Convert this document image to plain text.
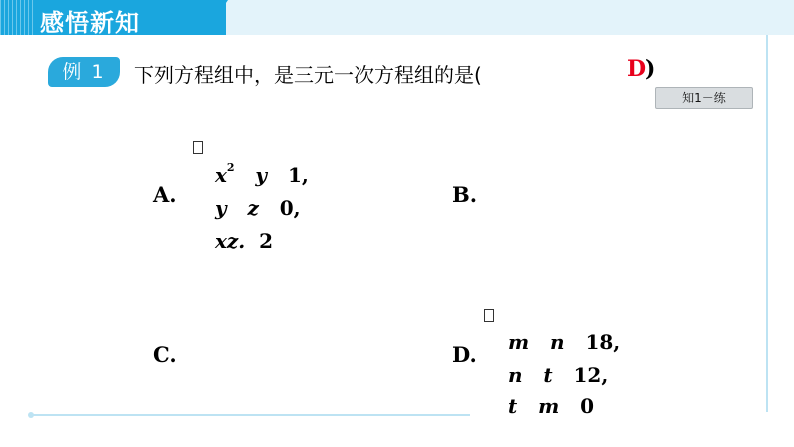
感悟新知
例 1	下列方程组中，是三元一次方程组的是(	D
)
知1－练
A.

$x^2$   y   1,

y   z   0,

xz.  2

B.
C.	D.	m   n   18,

n   t   12,

t   m   0
